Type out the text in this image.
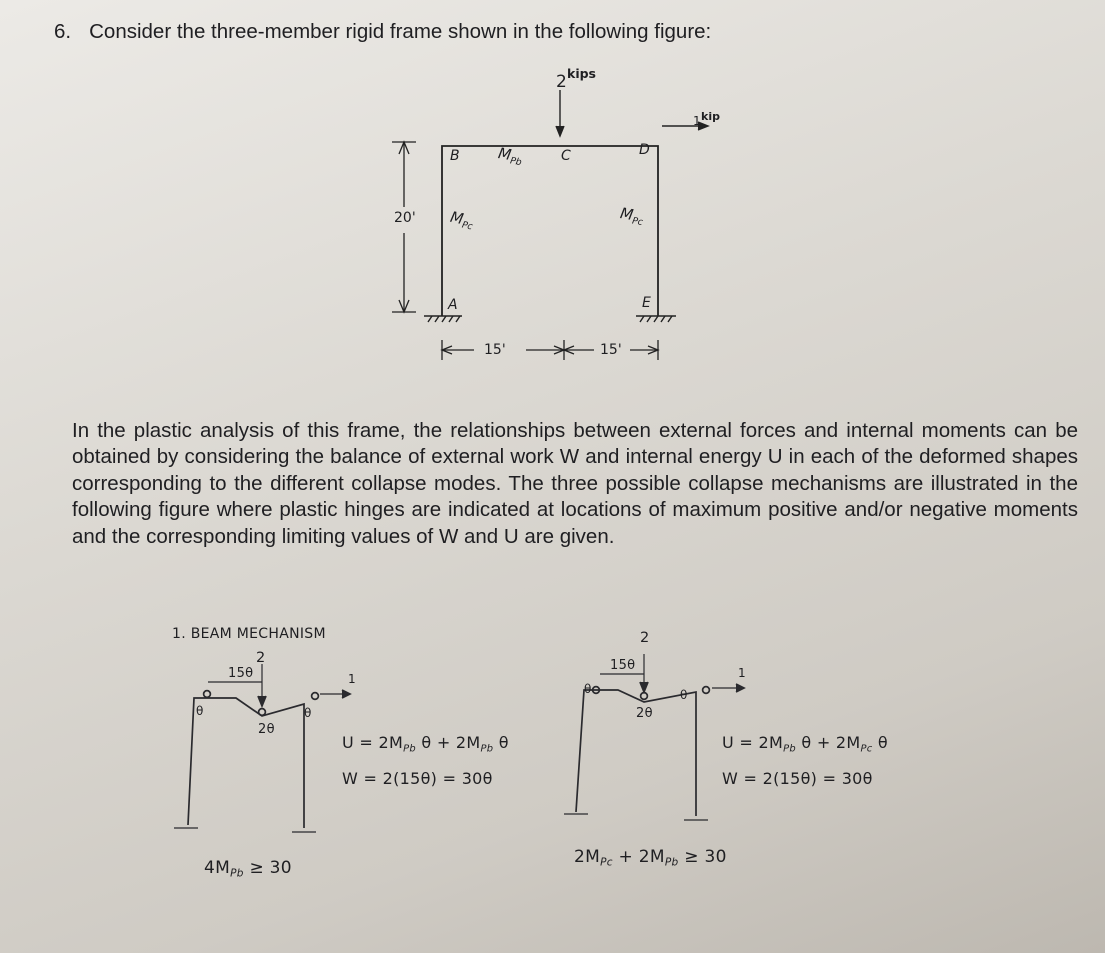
6. Consider the three-member rigid frame shown in the following figure:
2 kips
1 kip
B	C	D
A	E
$M_{Pb}$
$M_{Pc}$
$M_{Pc}$
20'
15'	15'

In the plastic analysis of this frame, the relationships between external forces and internal moments can be obtained by considering the balance of external work W and internal energy U in each of the deformed shapes corresponding to the different collapse modes. The three possible collapse mechanisms are illustrated in the following figure where plastic hinges are indicated at locations of maximum positive and/or negative moments and the corresponding limiting values of W and U are given.

1. BEAM MECHANISM
2
1
15θ
θ	θ
2θ
$U = 2M_{Pb}$ $\theta + 2M_{Pb}$ θ
W = 2(15θ) = 30θ
$4M_{Pb} \ge 30$
2
1
15θ
θ	θ
2θ
$U = 2M_{Pb}$ $\theta + 2M_{Pc}$ θ
W = 2(15θ) = 30θ
$2M_{Pc} + 2M_{Pb} \ge 30$
